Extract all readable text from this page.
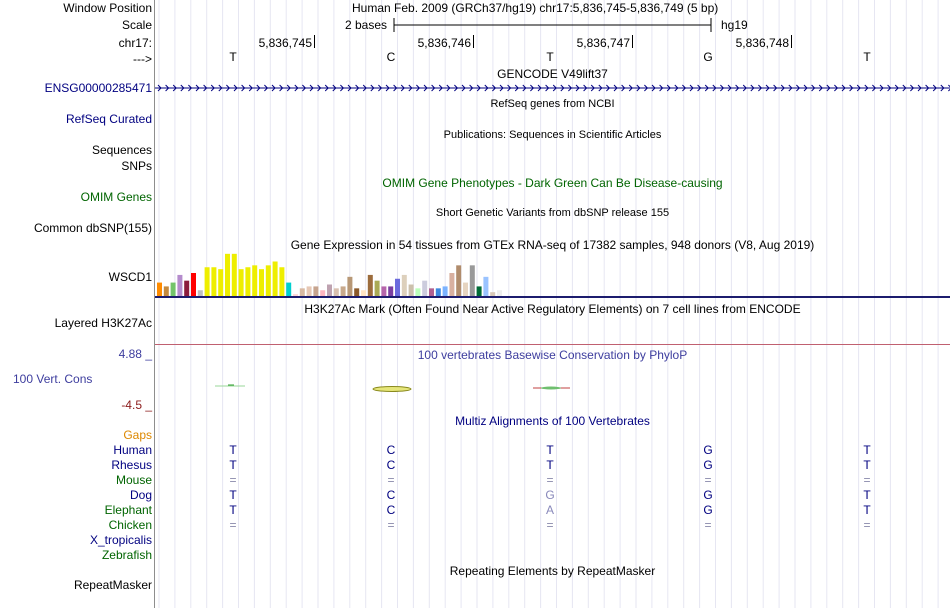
Window Position	Human Feb. 2009 (GRCh37/hg19) chr17:5,836,745-5,836,749 (5 bp)
Scale	2 bases	hg19
chr17:	5,836,745	5,836,746	5,836,747	5,836,748
--->	T	C	T	G	T
GENCODE V49lift37
ENSG00000285471
RefSeq genes from NCBI
RefSeq Curated
Publications: Sequences in Scientific Articles
Sequences
SNPs
OMIM Gene Phenotypes - Dark Green Can Be Disease-causing
OMIM Genes
Short Genetic Variants from dbSNP release 155
Common dbSNP(155)
Gene Expression in 54 tissues from GTEx RNA-seq of 17382 samples, 948 donors (V8, Aug 2019)
WSCD1
H3K27Ac Mark (Often Found Near Active Regulatory Elements) on 7 cell lines from ENCODE
Layered H3K27Ac
4.88 _	100 vertebrates Basewise Conservation by PhyloP
100 Vert. Cons
-4.5 _
Multiz Alignments of 100 Vertebrates
Gaps
Human	T	C	T	G	T
Rhesus	T	C	T	G	T
Mouse	=	=	=	=	=
Dog	T	C	G	G	T
Elephant	T	C	A	G	T
Chicken	=	=	=	=	=
X_tropicalis
Zebrafish
Repeating Elements by RepeatMasker
RepeatMasker
